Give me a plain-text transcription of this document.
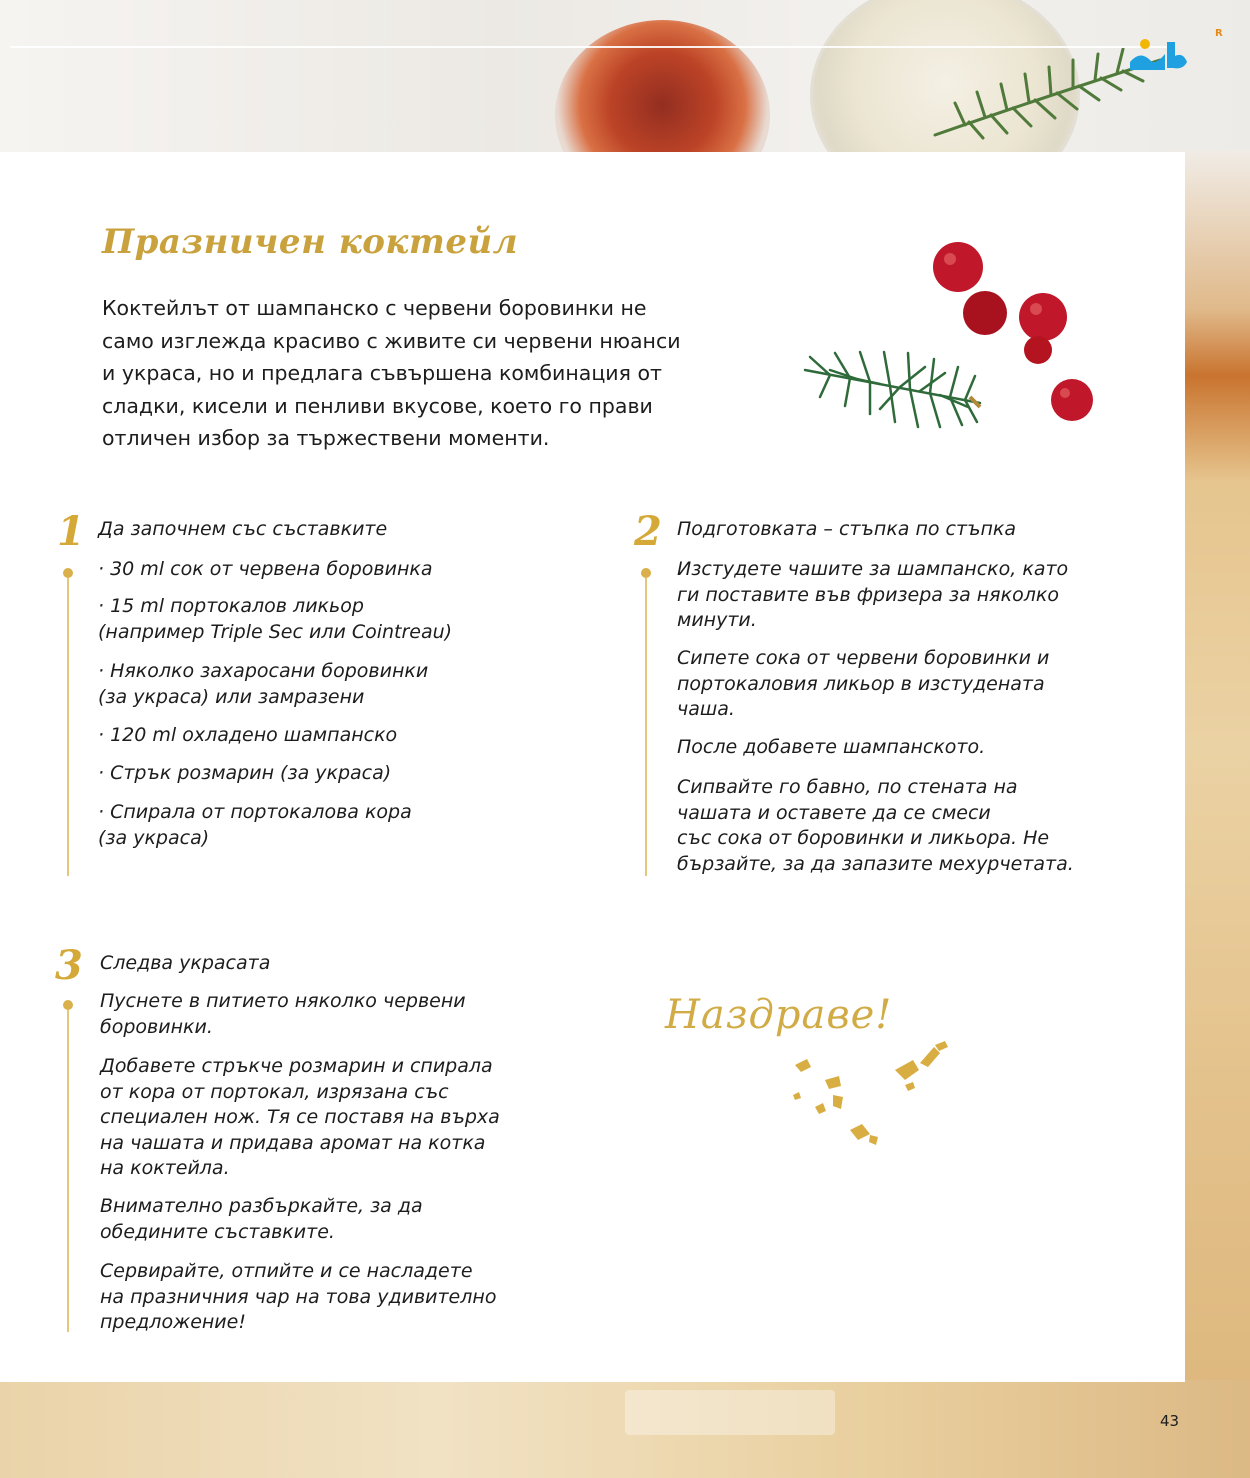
R
Празничен коктейл
Коктейлът от шампанско с червени боровинки не
само изглежда красиво с живите си червени нюанси
и украса, но и предлага съвършена комбинация от
сладки, кисели и пенливи вкусове, което го прави
отличен избор за тържествени моменти.
1 Да започнем със съставките
· 30 ml сок от червена боровинка
· 15 ml портокалов ликьор
(например Triple Sec или Cointreau)
· Няколко захаросани боровинки
(за украса) или замразени
· 120 ml охладено шампанско
· Стрък розмарин (за украса)
· Спирала от портокалова кора
(за украса)
2 Подготовката – стъпка по стъпка
Изстудете чашите за шампанско, като
ги поставите във фризера за няколко
минути.
Сипете сока от червени боровинки и
портокаловия ликьор в изстудената
чаша.
После добавете шампанското.
Сипвайте го бавно, по стената на
чашата и оставете да се смеси
със сока от боровинки и ликьора. Не
бързайте, за да запазите мехурчетата.
3 Следва украсата
Пуснете в питието няколко червени
боровинки.
Добавете стръкче розмарин и спирала
от кора от портокал, изрязана със
специален нож. Тя се поставя на върха
на чашата и придава аромат на котка
на коктейла.
Внимателно разбъркайте, за да
обедините съставките.
Сервирайте, отпийте и се насладете
на празничния чар на това удивително
предложение!
Наздраве!
43
